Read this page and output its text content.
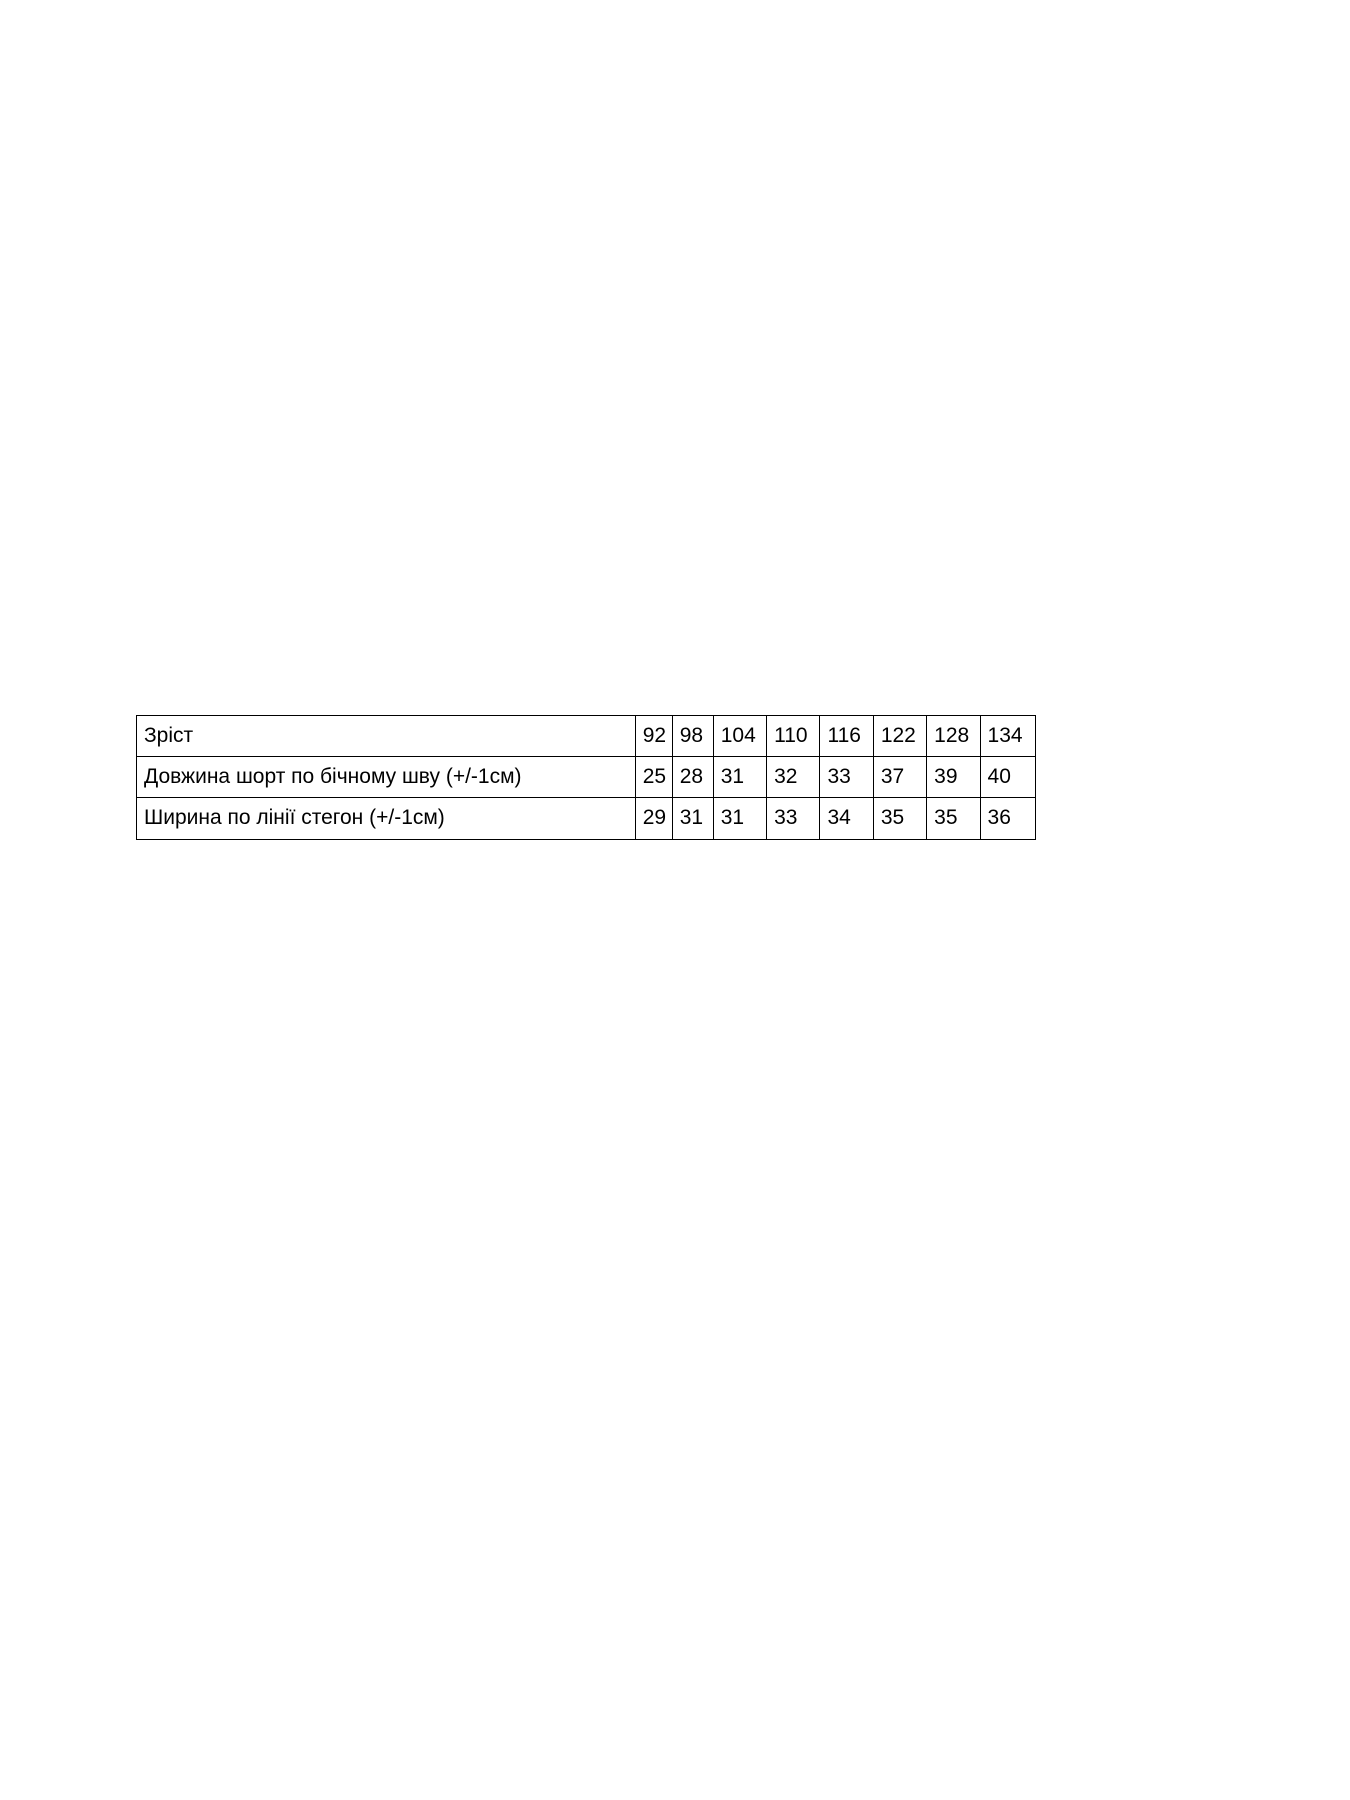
Зріст	92	98	104	110	116	122	128	134
Довжина шорт по бічному шву (+/-1см)	25	28	31	32	33	37	39	40
Ширина по лінії стегон (+/-1см)	29	31	31	33	34	35	35	36
